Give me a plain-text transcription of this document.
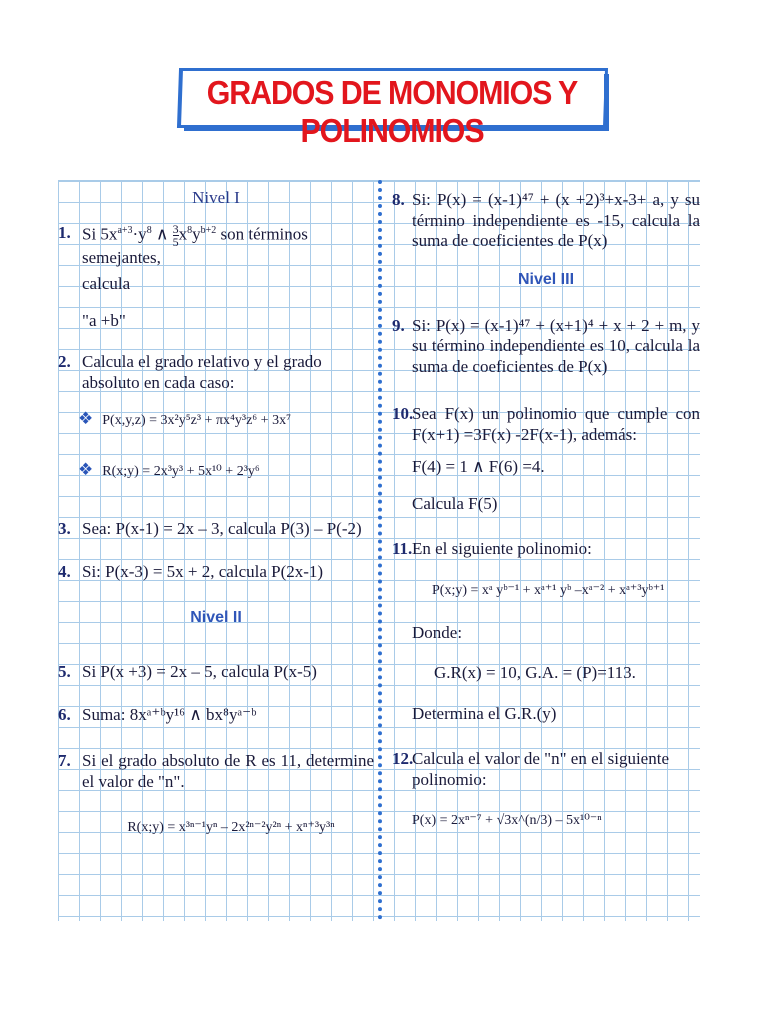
GRADOS DE MONOMIOS Y POLINOMIOS
Nivel I
1. Si $5x^{a+3}\cdot y^8$ ∧ $\frac{3}{5} x^8y^{b+2}$ son términos semejantes,
calcula
"a +b"
2. Calcula el grado relativo y el grado absoluto en cada caso:
❖ P(x,y,z) = 3x²y⁵z³ + πx⁴y³z⁶ + 3x⁷
❖ R(x;y) = 2x³y³ + 5x¹⁰ + 2³y⁶
3. Sea: P(x-1) = 2x – 3, calcula P(3) – P(-2)
4. Si: P(x-3) = 5x + 2, calcula P(2x-1)
Nivel II
5. Si P(x +3) = 2x – 5, calcula P(x-5)
6. Suma: 8xᵃ⁺ᵇy¹⁶ ∧ bx⁸yᵃ⁻ᵇ
7. Si el grado absoluto de R es 11, determine el valor de "n".
R(x;y) = x³ⁿ⁻¹yⁿ – 2x²ⁿ⁻²y²ⁿ + xⁿ⁺³y³ⁿ
8. Si: P(x) = (x-1)⁴⁷ + (x +2)³+x-3+ a, y su término independiente es -15, calcula la suma de coeficientes de P(x)
Nivel III
9. Si: P(x) = (x-1)⁴⁷ + (x+1)⁴ + x + 2 + m, y su término independiente es 10, calcula la suma de coeficientes de P(x)
10.
Sea F(x) un polinomio que cumple con F(x+1) =3F(x) -2F(x-1), además:
F(4) = 1 ∧ F(6) =4.
Calcula F(5)
11. En el siguiente polinomio:
P(x;y) = xᵃ yᵇ⁻¹ + xᵃ⁺¹ yᵇ –xᵃ⁻² + xᵃ⁺³yᵇ⁺¹
Donde:
G.R(x) = 10, G.A. = (P)=113.
Determina el G.R.(y)
12.
Calcula el valor de "n" en el siguiente polinomio:
P(x) = 2xⁿ⁻⁷ + √3x^(n/3) – 5x¹⁰⁻ⁿ
